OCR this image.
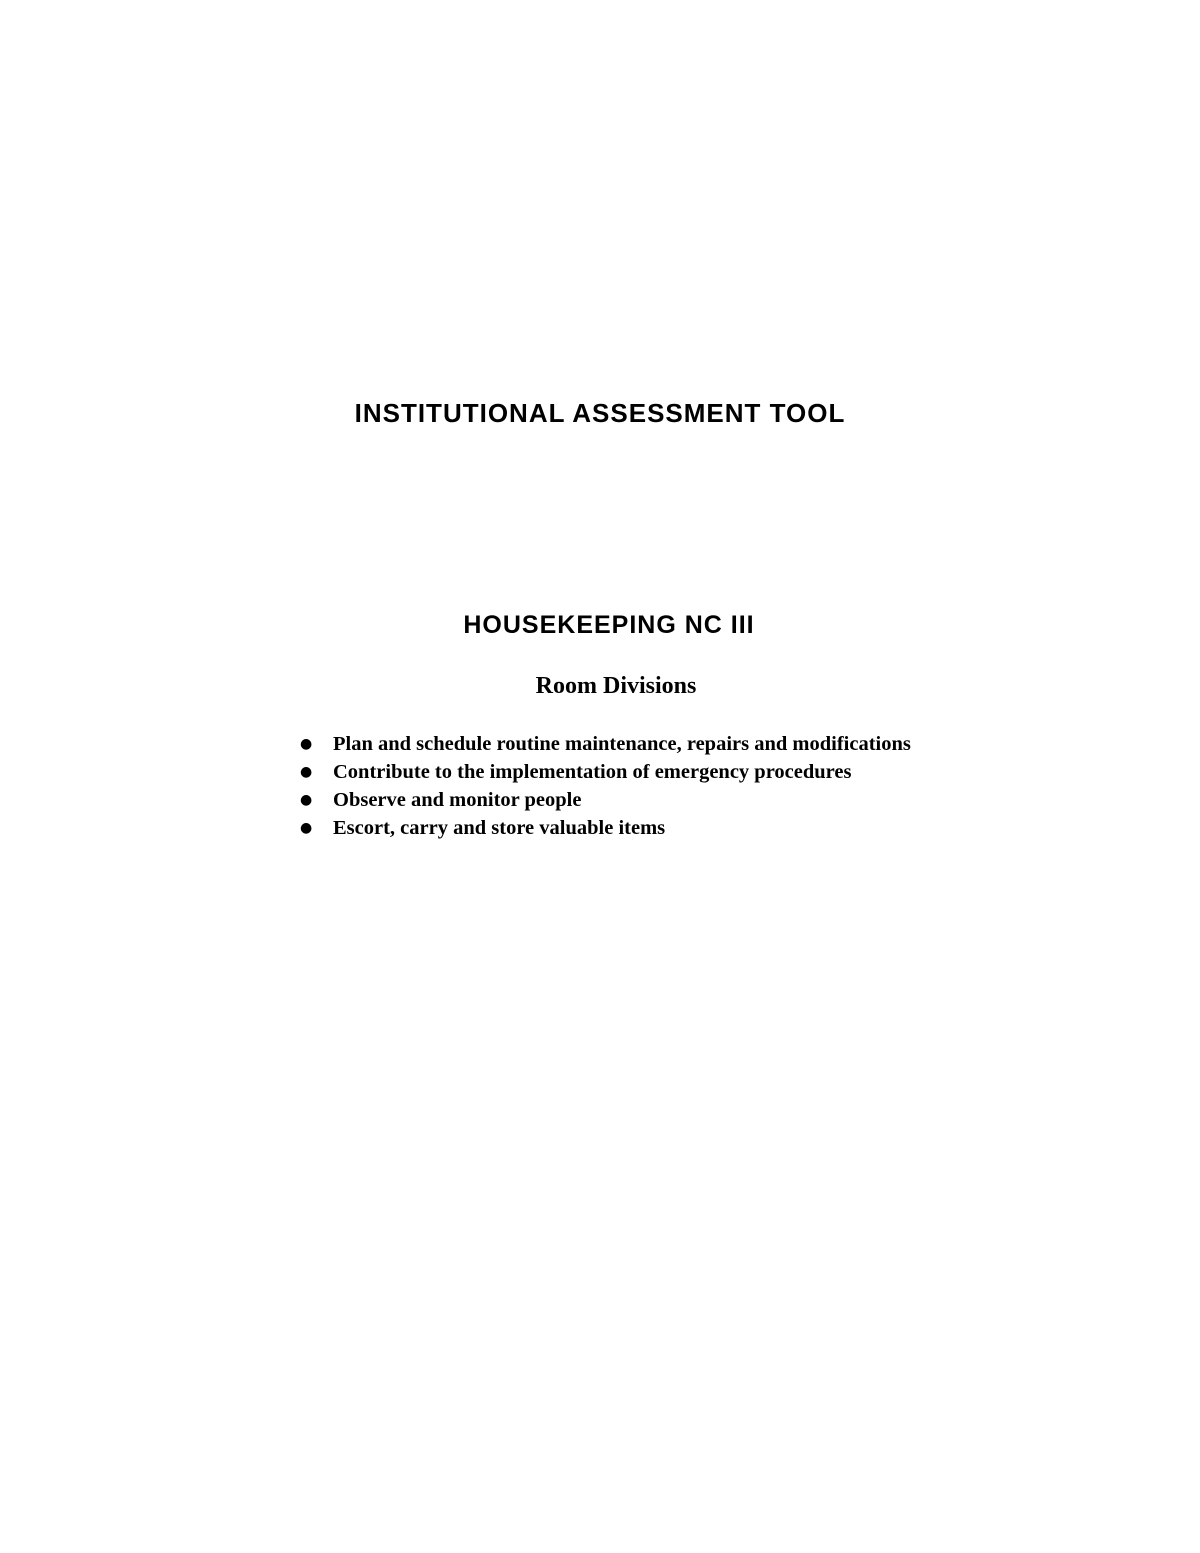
INSTITUTIONAL ASSESSMENT TOOL
HOUSEKEEPING NC III
Room Divisions
● Plan and schedule routine maintenance, repairs and modifications
● Contribute to the implementation of emergency procedures
● Observe and monitor people
● Escort, carry and store valuable items
